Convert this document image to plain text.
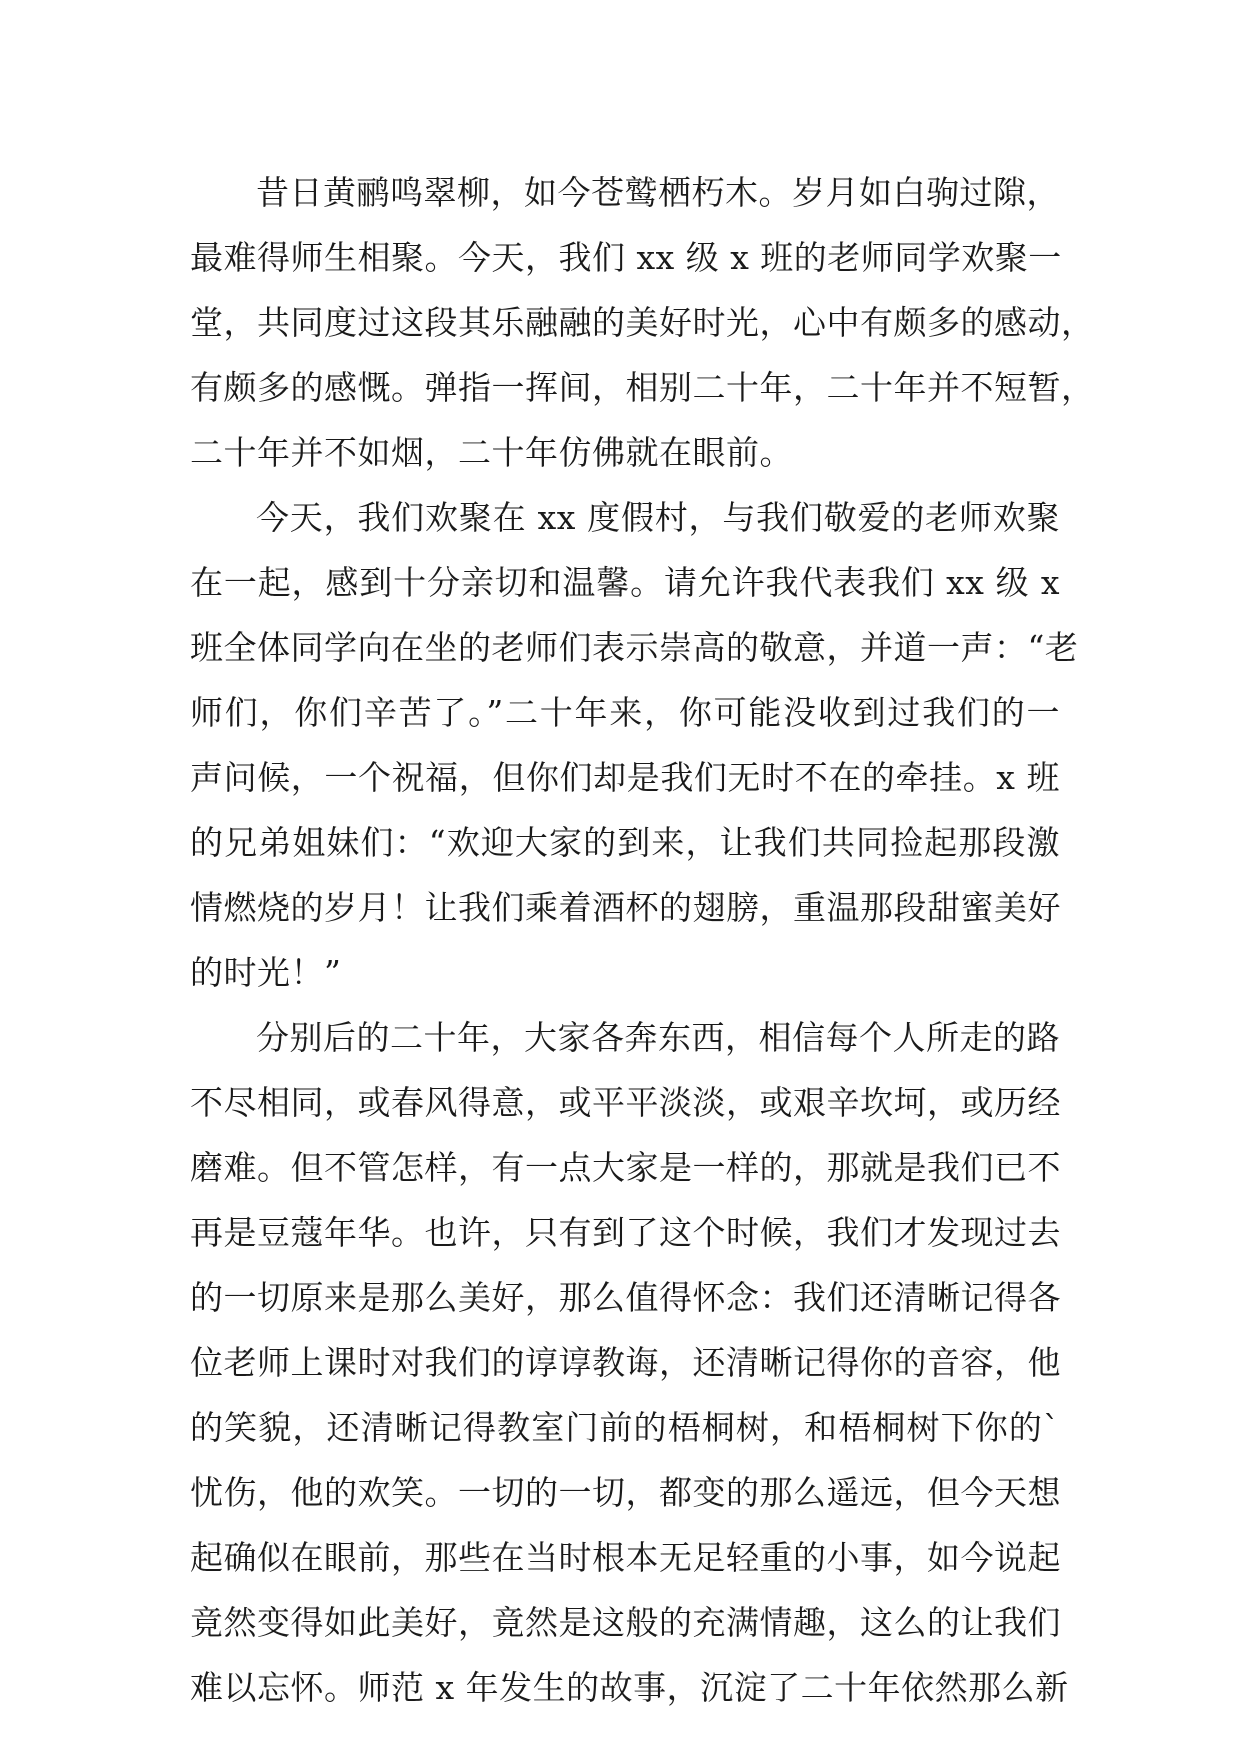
昔日黄鹂鸣翠柳，如今苍鹫栖朽木。岁月如白驹过隙，
最难得师生相聚。今天，我们 xx 级 x 班的老师同学欢聚一
堂，共同度过这段其乐融融的美好时光，心中有颇多的感动，
有颇多的感慨。弹指一挥间，相别二十年，二十年并不短暂，
二十年并不如烟，二十年仿佛就在眼前。
今天，我们欢聚在 xx 度假村，与我们敬爱的老师欢聚
在一起，感到十分亲切和温馨。请允许我代表我们 xx 级 x
班全体同学向在坐的老师们表示崇高的敬意，并道一声：“老
师们，你们辛苦了。”二十年来，你可能没收到过我们的一
声问候，一个祝福，但你们却是我们无时不在的牵挂。x 班
的兄弟姐妹们：“欢迎大家的到来，让我们共同捡起那段激
情燃烧的岁月！让我们乘着酒杯的翅膀，重温那段甜蜜美好
的时光！”
分别后的二十年，大家各奔东西，相信每个人所走的路
不尽相同，或春风得意，或平平淡淡，或艰辛坎坷，或历经
磨难。但不管怎样，有一点大家是一样的，那就是我们已不
再是豆蔻年华。也许，只有到了这个时候，我们才发现过去
的一切原来是那么美好，那么值得怀念：我们还清晰记得各
位老师上课时对我们的谆谆教诲，还清晰记得你的音容，他
的笑貌，还清晰记得教室门前的梧桐树，和梧桐树下你的`
忧伤，他的欢笑。一切的一切，都变的那么遥远，但今天想
起确似在眼前，那些在当时根本无足轻重的小事，如今说起
竟然变得如此美好，竟然是这般的充满情趣，这么的让我们
难以忘怀。师范 x 年发生的故事，沉淀了二十年依然那么新
